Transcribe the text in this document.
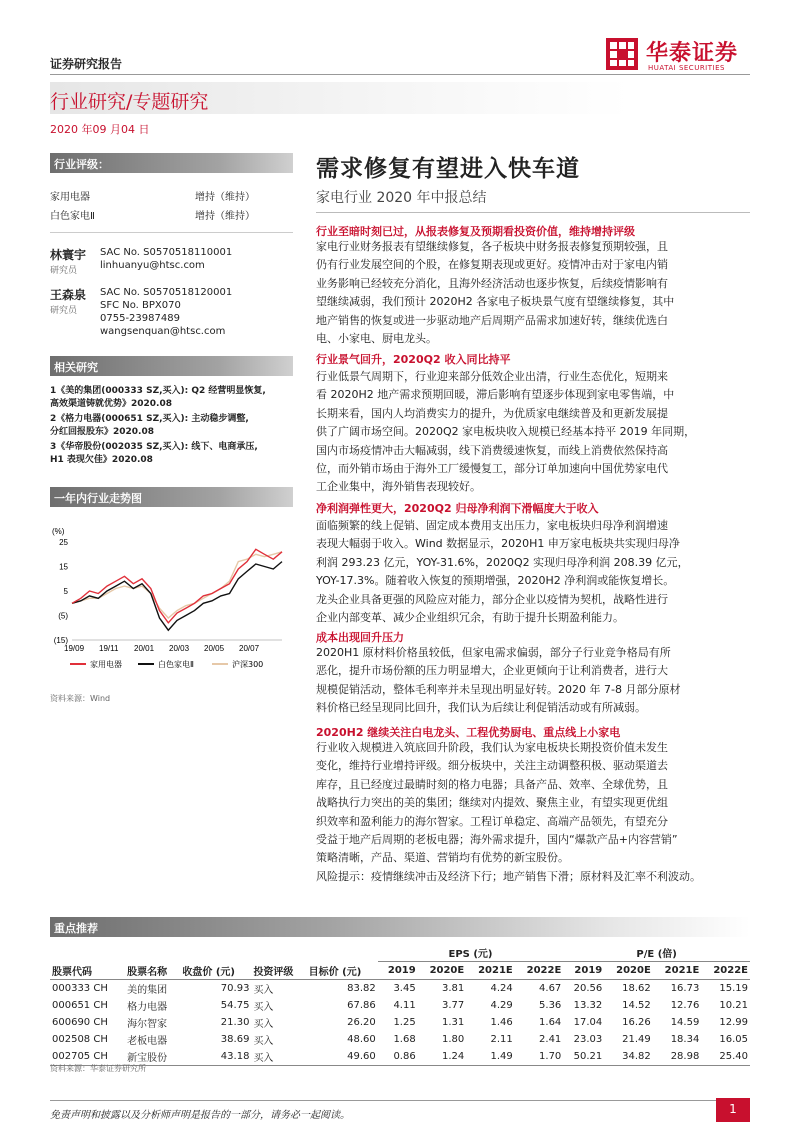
证券研究报告
行业研究/专题研究
2020 年09 月04 日
华泰证券
HUATAI SECURITIES
行业评级：
家用电器	增持（维持）
白色家电Ⅱ	增持（维持）
林寰宇
研究员
SAC No. S0570518110001
linhuanyu@htsc.com
王森泉
研究员
SAC No. S0570518120001
SFC No. BPX070
0755-23987489
wangsenquan@htsc.com
相关研究
1《美的集团(000333 SZ,买入): Q2 经营明显恢复,
高效渠道铸就优势》2020.08
2《格力电器(000651 SZ,买入): 主动稳步调整,
分红回报股东》2020.08
3《华帝股份(002035 SZ,买入): 线下、电商承压,
H1 表现欠佳》2020.08
一年内行业走势图
(%)
25
15
5
(5)
(15)
19/09 19/11 20/01 20/03 20/05 20/07
家用电器	白色家电Ⅱ	沪深300
资料来源：Wind
需求修复有望进入快车道
家电行业 2020 年中报总结
行业至暗时刻已过，从报表修复及预期看投资价值，维持增持评级
家电行业财务报表有望继续修复，各子板块中财务报表修复预期较强，且
仍有行业发展空间的个股，在修复期表现或更好。疫情冲击对于家电内销
业务影响已经较充分消化，且海外经济活动也逐步恢复，后续疫情影响有
望继续减弱，我们预计 2020H2 各家电子板块景气度有望继续修复，其中
地产销售的恢复或进一步驱动地产后周期产品需求加速好转，继续优选白
电、小家电、厨电龙头。
行业景气回升，2020Q2 收入同比持平
行业低景气周期下，行业迎来部分低效企业出清，行业生态优化，短期来
看 2020H2 地产需求预期回暖，滞后影响有望逐步体现到家电零售端，中
长期来看，国内人均消费实力的提升，为优质家电继续普及和更新发展提
供了广阔市场空间。2020Q2 家电板块收入规模已经基本持平 2019 年同期，
国内市场疫情冲击大幅减弱，线下消费缓速恢复，而线上消费依然保持高
位，而外销市场由于海外工厂缓慢复工，部分订单加速向中国优势家电代
工企业集中，海外销售表现较好。
净利润弹性更大，2020Q2 归母净利润下滑幅度大于收入
面临频繁的线上促销、固定成本费用支出压力，家电板块归母净利润增速
表现大幅弱于收入。Wind 数据显示，2020H1 申万家电板块共实现归母净
利润 293.23 亿元，YOY-31.6%，2020Q2 实现归母净利润 208.39 亿元，
YOY-17.3%。随着收入恢复的预期增强，2020H2 净利润或能恢复增长。
龙头企业具备更强的风险应对能力，部分企业以疫情为契机，战略性进行
企业内部变革、减少企业组织冗余，有助于提升长期盈利能力。
成本出现回升压力
2020H1 原材料价格虽较低，但家电需求偏弱，部分子行业竞争格局有所
恶化，提升市场份额的压力明显增大，企业更倾向于让利消费者，进行大
规模促销活动，整体毛利率并未呈现出明显好转。2020 年 7-8 月部分原材
料价格已经呈现同比回升，我们认为后续让利促销活动或有所减弱。
2020H2 继续关注白电龙头、工程优势厨电、重点线上小家电
行业收入规模进入筑底回升阶段，我们认为家电板块长期投资价值未发生
变化，维持行业增持评级。细分板块中，关注主动调整积极、驱动渠道去
库存，且已经度过最睛时刻的格力电器；具备产品、效率、全球优势，且
战略执行力突出的美的集团；继续对内提效、聚焦主业，有望实现更优组
织效率和盈利能力的海尔智家。工程订单稳定、高端产品领先，有望充分
受益于地产后周期的老板电器；海外需求提升，国内“爆款产品+内容营销”
策略清晰，产品、渠道、营销均有优势的新宝股份。
风险提示：疫情继续冲击及经济下行；地产销售下滑；原材料及汇率不利波动。
重点推荐
					EPS (元)				P/E (倍)			
股票代码	股票名称	收盘价 (元)	投资评级	目标价 (元)	2019	2020E	2021E	2022E	2019	2020E	2021E	2022E
000333 CH	美的集团	70.93	买入	83.82	3.45	3.81	4.24	4.67	20.56	18.62	16.73	15.19
000651 CH	格力电器	54.75	买入	67.86	4.11	3.77	4.29	5.36	13.32	14.52	12.76	10.21
600690 CH	海尔智家	21.30	买入	26.20	1.25	1.31	1.46	1.64	17.04	16.26	14.59	12.99
002508 CH	老板电器	38.69	买入	48.60	1.68	1.80	2.11	2.41	23.03	21.49	18.34	16.05
002705 CH	新宝股份	43.18	买入	49.60	0.86	1.24	1.49	1.70	50.21	34.82	28.98	25.40
资料来源：华泰证券研究所
免责声明和披露以及分析师声明是报告的一部分，请务必一起阅读。	1
